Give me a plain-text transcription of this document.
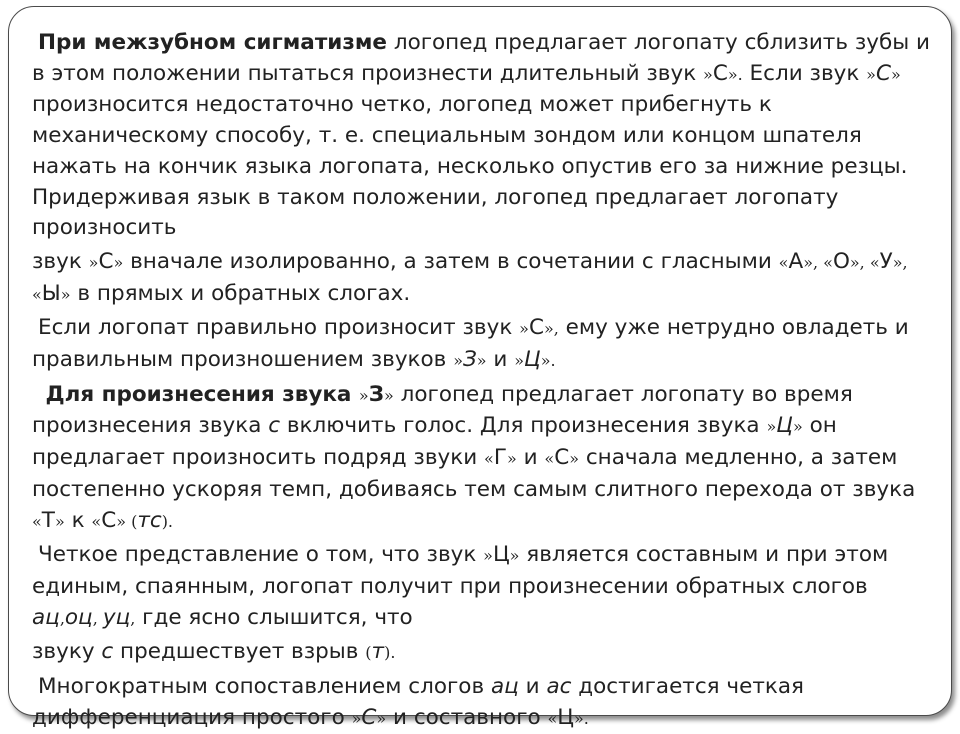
При межзубном сигматизме логопед предлагает логопату сблизить зубы и в этом положении пытаться произнести длительный звук »С». Если звук »С» произносится недостаточно четко, логопед может прибегнуть к механическому способу, т. е. специальным зондом или концом шпателя нажать на кончик языка логопата, несколько опустив его за нижние резцы. Придерживая язык в таком положении, логопед предлагает логопату произносить

звук »С» вначале изолированно, а затем в сочетании с гласными «А», «О», «У», «Ы» в прямых и обратных слогах.

Если логопат правильно произносит звук »С», ему уже нетрудно овладеть и правильным произношением звуков »З» и »Ц».

Для произнесения звука »З» логопед предлагает логопату во время произнесения звука с включить голос. Для произнесения звука »Ц» он предлагает произносить подряд звуки «Г» и «С» сначала медленно, а затем постепенно ускоряя темп, добиваясь тем самым слитного перехода от звука «Т» к «С» (тс).

Четкое представление о том, что звук »Ц» является составным и при этом единым, спаянным, логопат получит при произнесении обратных слогов ац,оц, уц, где ясно слышится, что

звуку с предшествует взрыв (т).

Многократным сопоставлением слогов ац и ас достигается четкая дифференциация простого »С» и составного «Ц».
